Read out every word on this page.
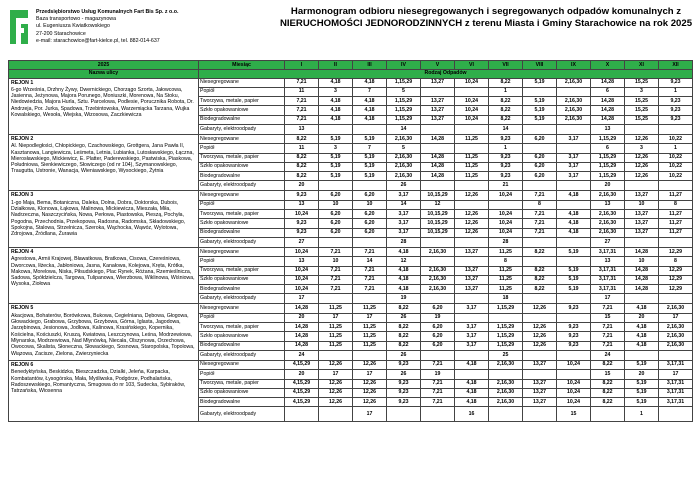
Przedsiębiorstwo Usług Komunalnych Fart Bis Sp. z o.o.
Baza transportowo - magazynowa
ul. Eugeniusza Kwiatkowskiego
27-200 Starachowice
e-mail: starachowice@fart-kielce.pl, tel. 882-014-637
Harmonogram odbioru niesegregowanych i segregowanych odpadów komunalnych z NIERUCHOMOŚCI JEDNORODZINNYCH z terenu Miasta i Gminy Starachowice na rok 2025
2025	Miesiąc	I	II	III	IV	V	VI	VII	VIII	IX	X	XI	XII
Nazwa ulicy	Rodzaj Odpadów												

REJON 1
6-go Września, Drzhny Żywy, Dwernickiego, Chorzągo Szorta, Jałowcowa, Jasienna, Jeżynowa, Majora Porunego, Moniuszki, Morenowa, Na Stoku, Niedowiedzia, Majora Hurla, Sztu. Parcelowa, Podlesie, Porucznika Robota, Dr. Andrzeja, Por. Jurka, Spadowa, Trzebintowska, Warzemiącka Tarzana, Wujka Kowalskiego, Wesoła, Wiejska, Wizosowa, Zaczkiewicza	Niesegregowane	7,21	4,18	4,18	1,15,29	13,27	10,24	8,22	5,19	2,16,30	14,28	15,25	9,23
	Popiół	11	3	7	5			1			6	3	1
	Tworzywa, metale, papier	7,21	4,18	4,18	1,15,29	13,27	10,24	8,22	5,19	2,16,30	14,28	15,25	9,23
	Szkło opakowaniowe	7,21	4,18	4,18	1,15,29	13,27	10,24	8,22	5,19	2,16,30	14,28	15,25	9,23
	Biodegradowalne	7,21	4,18	4,18	1,15,29	13,27	10,24	8,22	5,19	2,16,30	14,28	15,25	9,23
	Gabaryty, elektroodpady	13			14			14			13		

REJON 2
Al. Niepodległości, Chłopickiego, Czachowskiego, Grottgera, Jana Pawła II, Kasztanowa, Langiewicza, Leśmeta, Letnia, Lubianka, Lutosławskiego, Łączna, Mierosławskiego, Mickiewicz, E. Platter, Paderewskiego, Pastwiska, Piaskowa, Południowa, Sienkiewiczego, Słowiczego (od nr 104), Szymanowskiego, Traugutta, Ustronie, Wanacja, Wieniawskiego, Wysockiego, Żytnia	Niesegregowane	8,22	5,19	5,19	2,16,30	14,28	11,25	9,23	6,20	3,17	1,15,29	12,26	10,22
	Popiół	11	3	7	5			1			6	3	1
	Tworzywa, metale, papier	8,22	5,19	5,19	2,16,30	14,28	11,25	9,23	6,20	3,17	1,15,29	12,26	10,22
	Szkło opakowaniowe	8,22	5,19	5,19	2,16,30	14,28	11,25	9,23	6,20	3,17	1,15,29	12,26	10,22
	Biodegradowalne	8,22	5,19	5,19	2,16,30	14,28	11,25	9,23	6,20	3,17	1,15,29	12,26	10,22
	Gabaryty, elektroodpady	20			26			21			20		

REJON 3
1-go Maja, Bema, Botaniczna, Daleka, Dolna, Dobra, Doktorska, Dubois, Działkowa, Klonowa, Łąkowa, Malinowa, Mickiewicza, Mieszała, Miła, Nadrzeczna, Naszczycińska, Nowa, Perłowa, Piastowska, Pieszą, Pochyła, Pogodna, Przechodnia, Przekopowa, Radosna, Radomska, Składowskiego, Spokojna, Stalowa, Strzelnicza, Szeroka, Wąchocka, Wąwóz, Wylotowa, Zdrojowa, Źródlana, Żurawia	Niesegregowane	9,23	6,20	6,20	3,17	10,15,29	12,26	10,24	7,21	4,18	2,16,30	13,27	11,27
	Popiół	13	10	10	14	12			8		13	10	8
	Tworzywa, metale, papier	10,24	6,20	6,20	3,17	10,15,29	12,26	10,24	7,21	4,18	2,16,30	13,27	11,27
	Szkło opakowaniowe	9,23	6,20	6,20	3,17	10,15,29	12,26	10,24	7,21	4,18	2,16,30	13,27	11,27
	Biodegradowalne	9,23	6,20	6,20	3,17	10,15,29	12,26	10,24	7,21	4,18	2,16,30	13,27	11,27
	Gabaryty, elektroodpady	27			28			28			27		

REJON 4
Agrestowa, Armii Krajowej, Bławatkowa, Bratkowa, Cisowa, Czereśniowa, Dworcowa, Iłżecka, Jabłoniowa, Jasna, Kanałowa, Kolejowa, Kręta, Krótka, Makowa, Morelowa, Niska, Piłsudskiego, Plac Rynek, Różana, Rzemieślnicza, Sadowa, Spółdzielcza, Targowa, Tulipanowa, Wierzbowa, Wiklinowa, Wiśniowa, Wysoka, Ziołowa	Niesegregowane	10,24	7,21	7,21	4,18	2,16,30	13,27	11,25	8,22	5,19	3,17,31	14,28	12,29
	Popiół	13	10	14	12			8			13	10	8
	Tworzywa, metale, papier	10,24	7,21	7,21	4,18	2,16,30	13,27	11,25	8,22	5,19	3,17,31	14,28	12,29
	Szkło opakowaniowe	10,24	7,21	7,21	4,18	2,16,30	13,27	11,25	8,22	5,19	3,17,31	14,28	12,29
	Biodegradowalne	10,24	7,21	7,21	4,18	2,16,30	13,27	11,25	8,22	5,19	3,17,31	14,28	12,29
	Gabaryty, elektroodpady	17			19			18			17		

REJON 5
Akacjowa, Bohaterów, Borówkowa, Bukowa, Cegielniana, Dębowa, Głogowa, Głowackiego, Grabowa, Grzybowa, Grzybowa, Górna, Iglasta, Jagodowa, Jarzębinowa, Jesionowa, Jodłowa, Kalinowa, Krasińskiego, Kopernika, Kościelna, Kościuszki, Kruszą, Kwiatowa, Leszczynowa, Leśna, Modrzewiowa, Młynarska, Modrzewiowa, Nad Młynówką, Niecała, Olszynowa, Orzechowa, Owocowa, Skalista, Słoneczna, Słowackiego, Sosnowa, Staropolska, Topolowa, Wiązowa, Zacisze, Zielona, Zwierzyniecka	Niesegregowane	14,28	11,25	11,25	8,22	6,20	3,17	1,15,29	12,26	9,23	7,21	4,18	2,16,30
	Popiół	20	17	17	26	19					15	20	17
	Tworzywa, metale, papier	14,28	11,25	11,25	8,22	6,20	3,17	1,15,29	12,26	9,23	7,21	4,18	2,16,30
	Szkło opakowaniowe	14,28	11,25	11,25	8,22	6,20	3,17	1,15,29	12,26	9,23	7,21	4,18	2,16,30
	Biodegradowalne	14,28	11,25	11,25	8,22	6,20	3,17	1,15,29	12,26	9,23	7,21	4,18	2,16,30
	Gabaryty, elektroodpady	24			26			25			24		

REJON 6
Benedyktyńska, Beskidzka, Bieszczadzka, Dzialki, Jeleńa, Karpacka, Kombatantów, Łysogórska, Mała, Myśliwska, Podgórze, Podhalańska, Radoszewskiego, Romantyczna, Smugowa do nr 103, Sudecka, Sybiraków, Tatrzańska, Wiosenna	Niesegregowane	4,15,29	12,26	12,26	9,23	7,21	4,18	2,16,30	13,27	10,24	8,22	5,19	3,17,31
	Popiół	20	17	17	26	19					15	20	17
	Tworzywa, metale, papier	4,15,29	12,26	12,26	9,23	7,21	4,18	2,16,30	13,27	10,24	8,22	5,19	3,17,31
	Szkło opakowaniowe	4,15,29	12,26	12,26	9,23	7,21	4,18	2,16,30	13,27	10,24	8,22	5,19	3,17,31
	Biodegradowalne	4,15,29	12,26	12,26	9,23	7,21	4,18	2,16,30	13,27	10,24	8,22	5,19	3,17,31
	Gabaryty, elektroodpady			17			16			15		1	
